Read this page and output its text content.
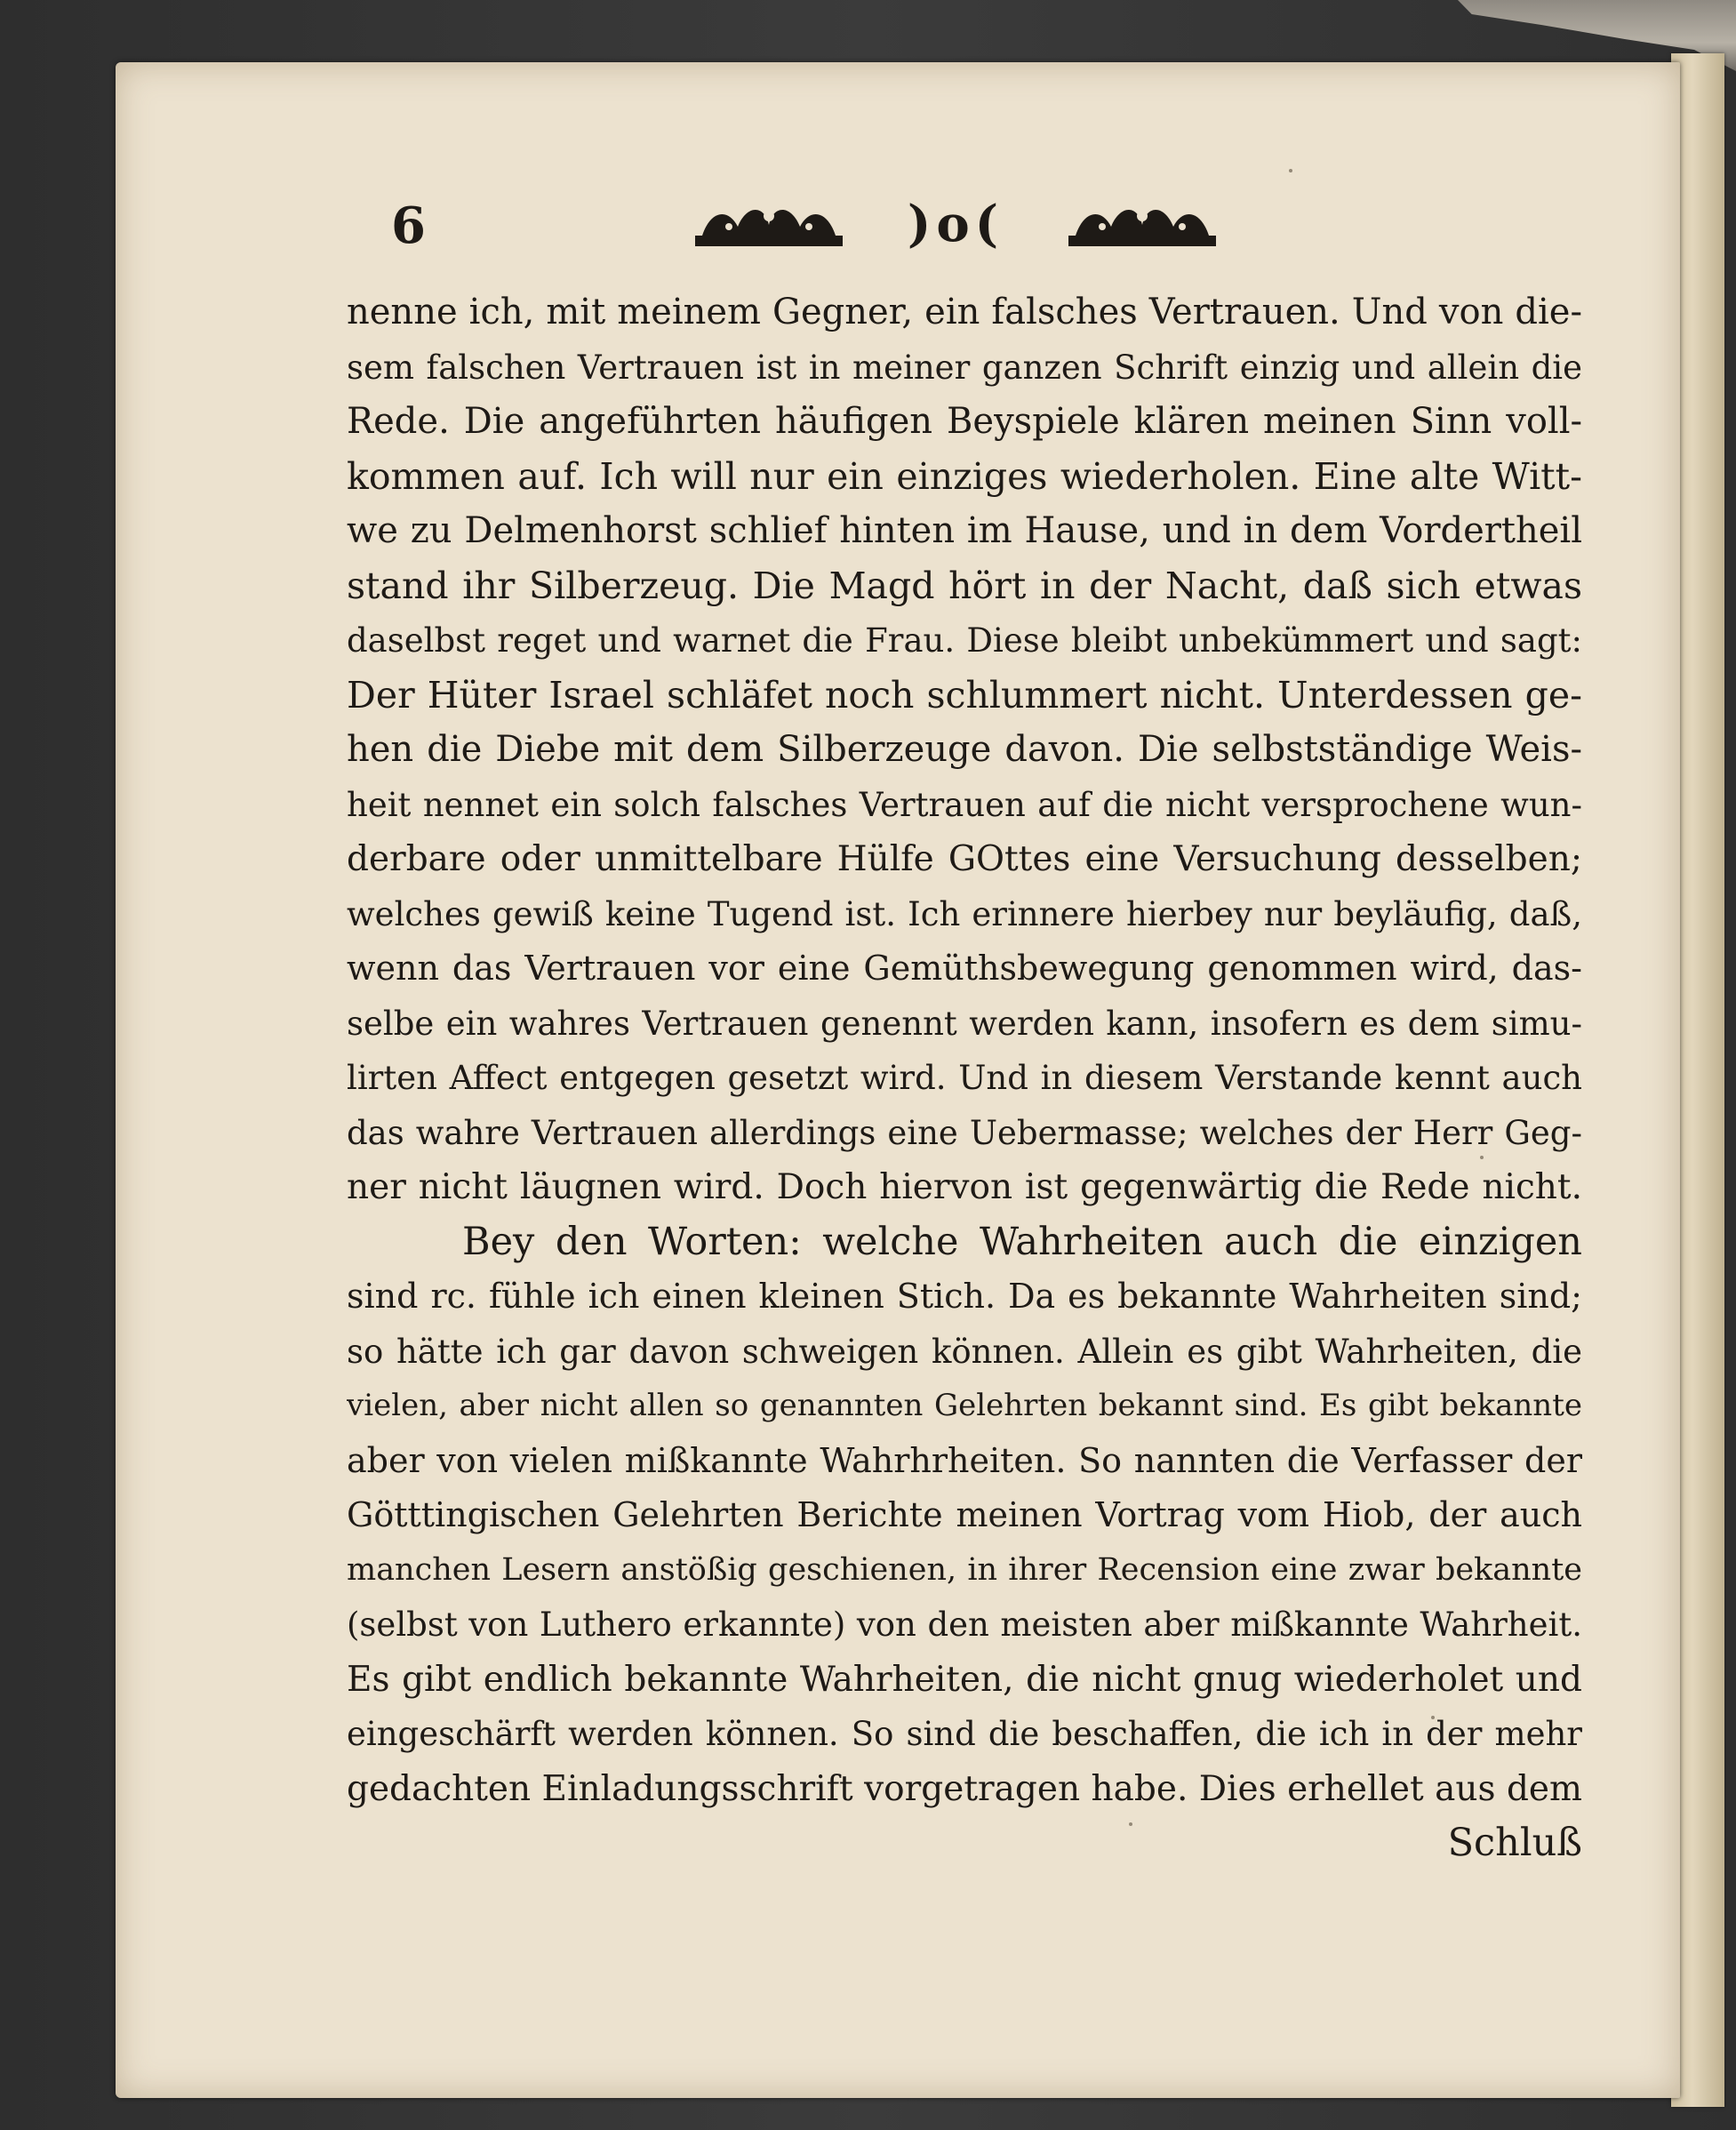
6	)o(
nenne ich, mit meinem Gegner, ein falsches Vertrauen. Und von die-
sem falschen Vertrauen ist in meiner ganzen Schrift einzig und allein die
Rede. Die angeführten häufigen Beyspiele klären meinen Sinn voll-
kommen auf. Ich will nur ein einziges wiederholen. Eine alte Witt-
we zu Delmenhorst schlief hinten im Hause, und in dem Vordertheil
stand ihr Silberzeug. Die Magd hört in der Nacht, daß sich etwas
daselbst reget und warnet die Frau. Diese bleibt unbekümmert und sagt:
Der Hüter Israel schläfet noch schlummert nicht. Unterdessen ge-
hen die Diebe mit dem Silberzeuge davon. Die selbstständige Weis-
heit nennet ein solch falsches Vertrauen auf die nicht versprochene wun-
derbare oder unmittelbare Hülfe GOttes eine Versuchung desselben;
welches gewiß keine Tugend ist. Ich erinnere hierbey nur beyläufig, daß,
wenn das Vertrauen vor eine Gemüthsbewegung genommen wird, das-
selbe ein wahres Vertrauen genennt werden kann, insofern es dem simu-
lirten Affect entgegen gesetzt wird. Und in diesem Verstande kennt auch
das wahre Vertrauen allerdings eine Uebermasse; welches der Herr Geg-
ner nicht läugnen wird. Doch hiervon ist gegenwärtig die Rede nicht.
Bey den Worten: welche Wahrheiten auch die einzigen
sind rc. fühle ich einen kleinen Stich. Da es bekannte Wahrheiten sind;
so hätte ich gar davon schweigen können. Allein es gibt Wahrheiten, die
vielen, aber nicht allen so genannten Gelehrten bekannt sind. Es gibt bekannte
aber von vielen mißkannte Wahrhrheiten. So nannten die Verfasser der
Götttingischen Gelehrten Berichte meinen Vortrag vom Hiob, der auch
manchen Lesern anstößig geschienen, in ihrer Recension eine zwar bekannte
(selbst von Luthero erkannte) von den meisten aber mißkannte Wahrheit.
Es gibt endlich bekannte Wahrheiten, die nicht gnug wiederholet und
eingeschärft werden können. So sind die beschaffen, die ich in der mehr
gedachten Einladungsschrift vorgetragen habe. Dies erhellet aus dem
Schluß
